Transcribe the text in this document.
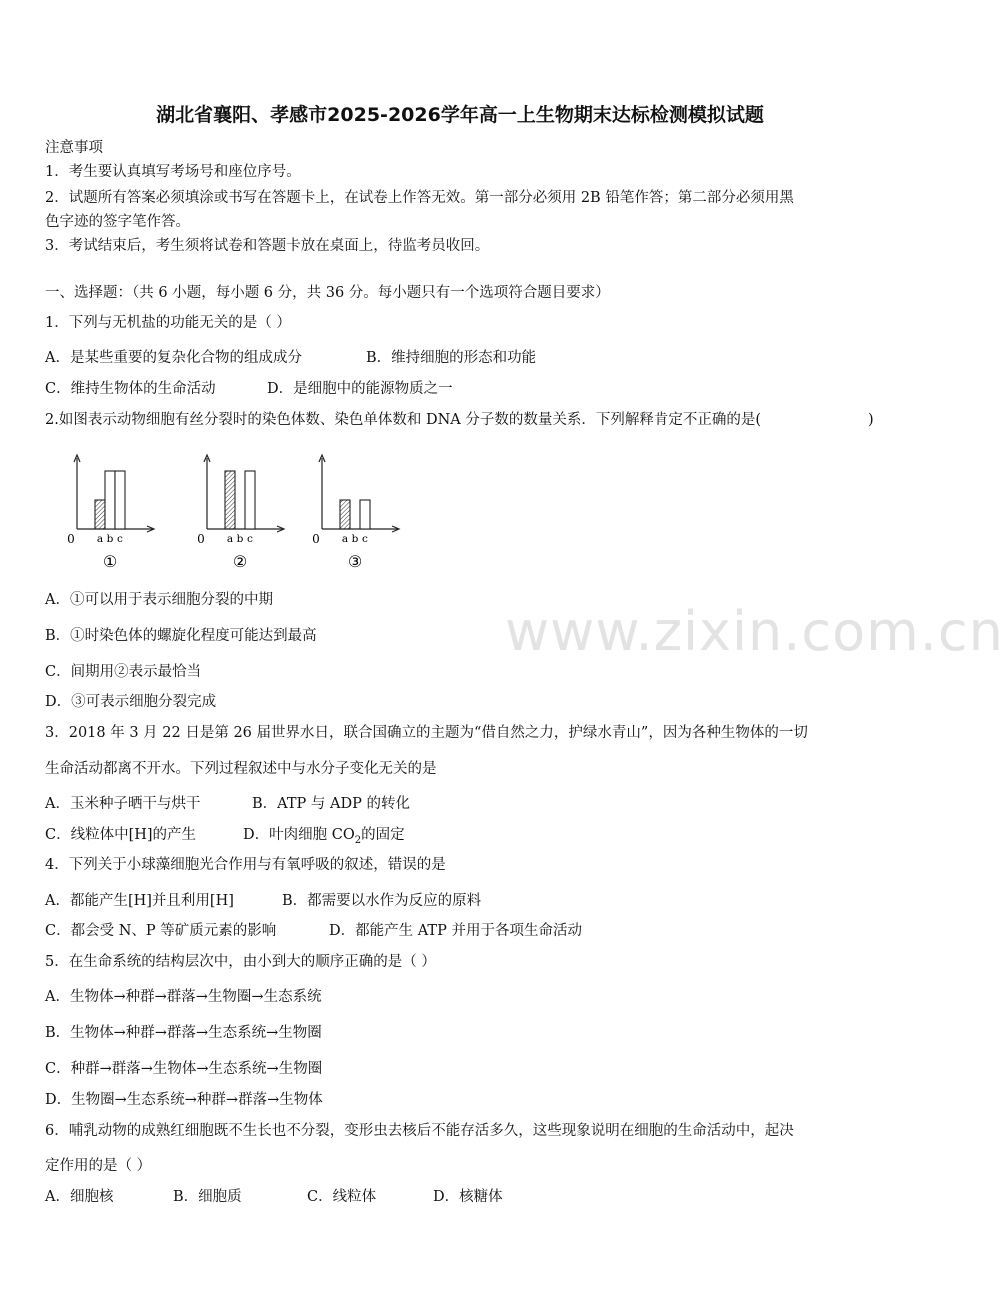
湖北省襄阳、孝感市2025-2026学年高一上生物期末达标检测模拟试题
注意事项
1．考生要认真填写考场号和座位序号。
2．试题所有答案必须填涂或书写在答题卡上，在试卷上作答无效。第一部分必须用 2B 铅笔作答；第二部分必须用黑
色字迹的签字笔作答。
3．考试结束后，考生须将试卷和答题卡放在桌面上，待监考员收回。
一、选择题：（共 6 小题，每小题 6 分，共 36 分。每小题只有一个选项符合题目要求）
1．下列与无机盐的功能无关的是（ ）
A．是某些重要的复杂化合物的组成成分	B．维持细胞的形态和功能
C．维持生物体的生命活动	D．是细胞中的能源物质之一
2.如图表示动物细胞有丝分裂时的染色体数、染色单体数和 DNA 分子数的数量关系．下列解释肯定不正确的是(	)
0 a b c
①
0 a b c
②
0 a b c
③
A．①可以用于表示细胞分裂的中期
B．①时染色体的螺旋化程度可能达到最高
C．间期用②表示最恰当
D．③可表示细胞分裂完成
www.zixin.com.cn
3．2018 年 3 月 22 日是第 26 届世界水日，联合国确立的主题为“借自然之力，护绿水青山”，因为各种生物体的一切
生命活动都离不开水。下列过程叙述中与水分子变化无关的是
A．玉米种子晒干与烘干	B．ATP 与 ADP 的转化
C．线粒体中[H]的产生	D．叶肉细胞 $CO_2$的固定
4．下列关于小球藻细胞光合作用与有氧呼吸的叙述，错误的是
A．都能产生[H]并且利用[H]	B．都需要以水作为反应的原料
C．都会受 N、P 等矿质元素的影响	D．都能产生 ATP 并用于各项生命活动
5．在生命系统的结构层次中，由小到大的顺序正确的是（ ）
A．生物体→种群→群落→生物圈→生态系统
B．生物体→种群→群落→生态系统→生物圈
C．种群→群落→生物体→生态系统→生物圈
D．生物圈→生态系统→种群→群落→生物体
6．哺乳动物的成熟红细胞既不生长也不分裂，变形虫去核后不能存活多久，这些现象说明在细胞的生命活动中，起决
定作用的是（ ）
A．细胞核	B．细胞质	C．线粒体	D．核糖体
